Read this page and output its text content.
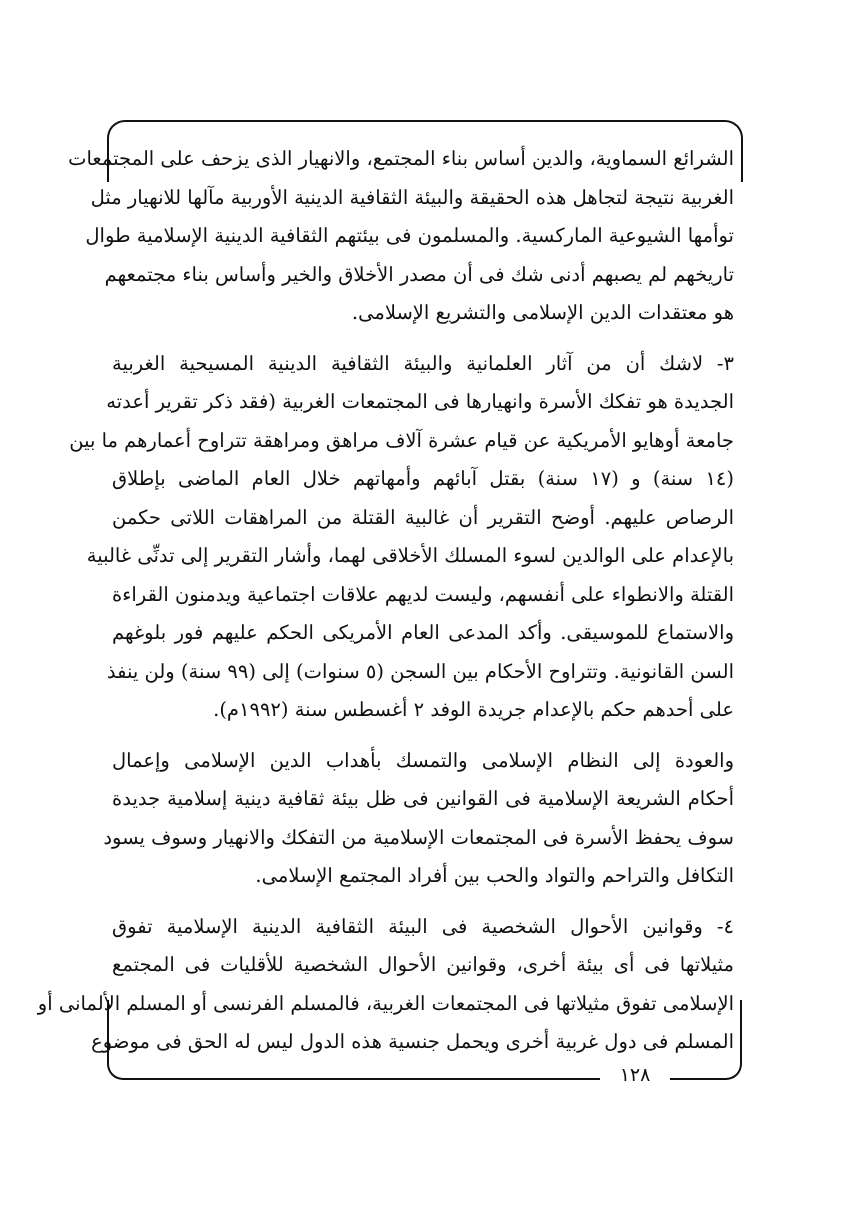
الشرائع السماوية، والدين أساس بناء المجتمع، والانهيار الذى يزحف على المجتمعات
الغربية نتيجة لتجاهل هذه الحقيقة والبيئة الثقافية الدينية الأوربية مآلها للانهيار مثل
توأمها الشيوعية الماركسية. والمسلمون فى بيئتهم الثقافية الدينية الإسلامية طوال
تاريخهم لم يصبهم أدنى شك فى أن مصدر الأخلاق والخير وأساس بناء مجتمعهم
هو معتقدات الدين الإسلامى والتشريع الإسلامى.
٣- لاشك أن من آثار العلمانية والبيئة الثقافية الدينية المسيحية الغربية
الجديدة هو تفكك الأسرة وانهيارها فى المجتمعات الغربية (فقد ذكر تقرير أعدته
جامعة أوهايو الأمريكية عن قيام عشرة آلاف مراهق ومراهقة تتراوح أعمارهم ما بين
(١٤ سنة) و (١٧ سنة) بقتل آبائهم وأمهاتهم خلال العام الماضى بإطلاق
الرصاص عليهم. أوضح التقرير أن غالبية القتلة من المراهقات اللاتى حكمن
بالإعدام على الوالدين لسوء المسلك الأخلاقى لهما، وأشار التقرير إلى تدنِّى غالبية
القتلة والانطواء على أنفسهم، وليست لديهم علاقات اجتماعية ويدمنون القراءة
والاستماع للموسيقى. وأكد المدعى العام الأمريكى الحكم عليهم فور بلوغهم
السن القانونية. وتتراوح الأحكام بين السجن (٥ سنوات) إلى (٩٩ سنة) ولن ينفذ
على أحدهم حكم بالإعدام جريدة الوفد ٢ أغسطس سنة (١٩٩٢م).
والعودة إلى النظام الإسلامى والتمسك بأهداب الدين الإسلامى وإعمال
أحكام الشريعة الإسلامية فى القوانين فى ظل بيئة ثقافية دينية إسلامية جديدة
سوف يحفظ الأسرة فى المجتمعات الإسلامية من التفكك والانهيار وسوف يسود
التكافل والتراحم والتواد والحب بين أفراد المجتمع الإسلامى.
٤- وقوانين الأحوال الشخصية فى البيئة الثقافية الدينية الإسلامية تفوق
مثيلاتها فى أى بيئة أخرى، وقوانين الأحوال الشخصية للأقليات فى المجتمع
الإسلامى تفوق مثيلاتها فى المجتمعات الغربية، فالمسلم الفرنسى أو المسلم الألمانى أو
المسلم فى دول غربية أخرى ويحمل جنسية هذه الدول ليس له الحق فى موضوع
١٢٨
